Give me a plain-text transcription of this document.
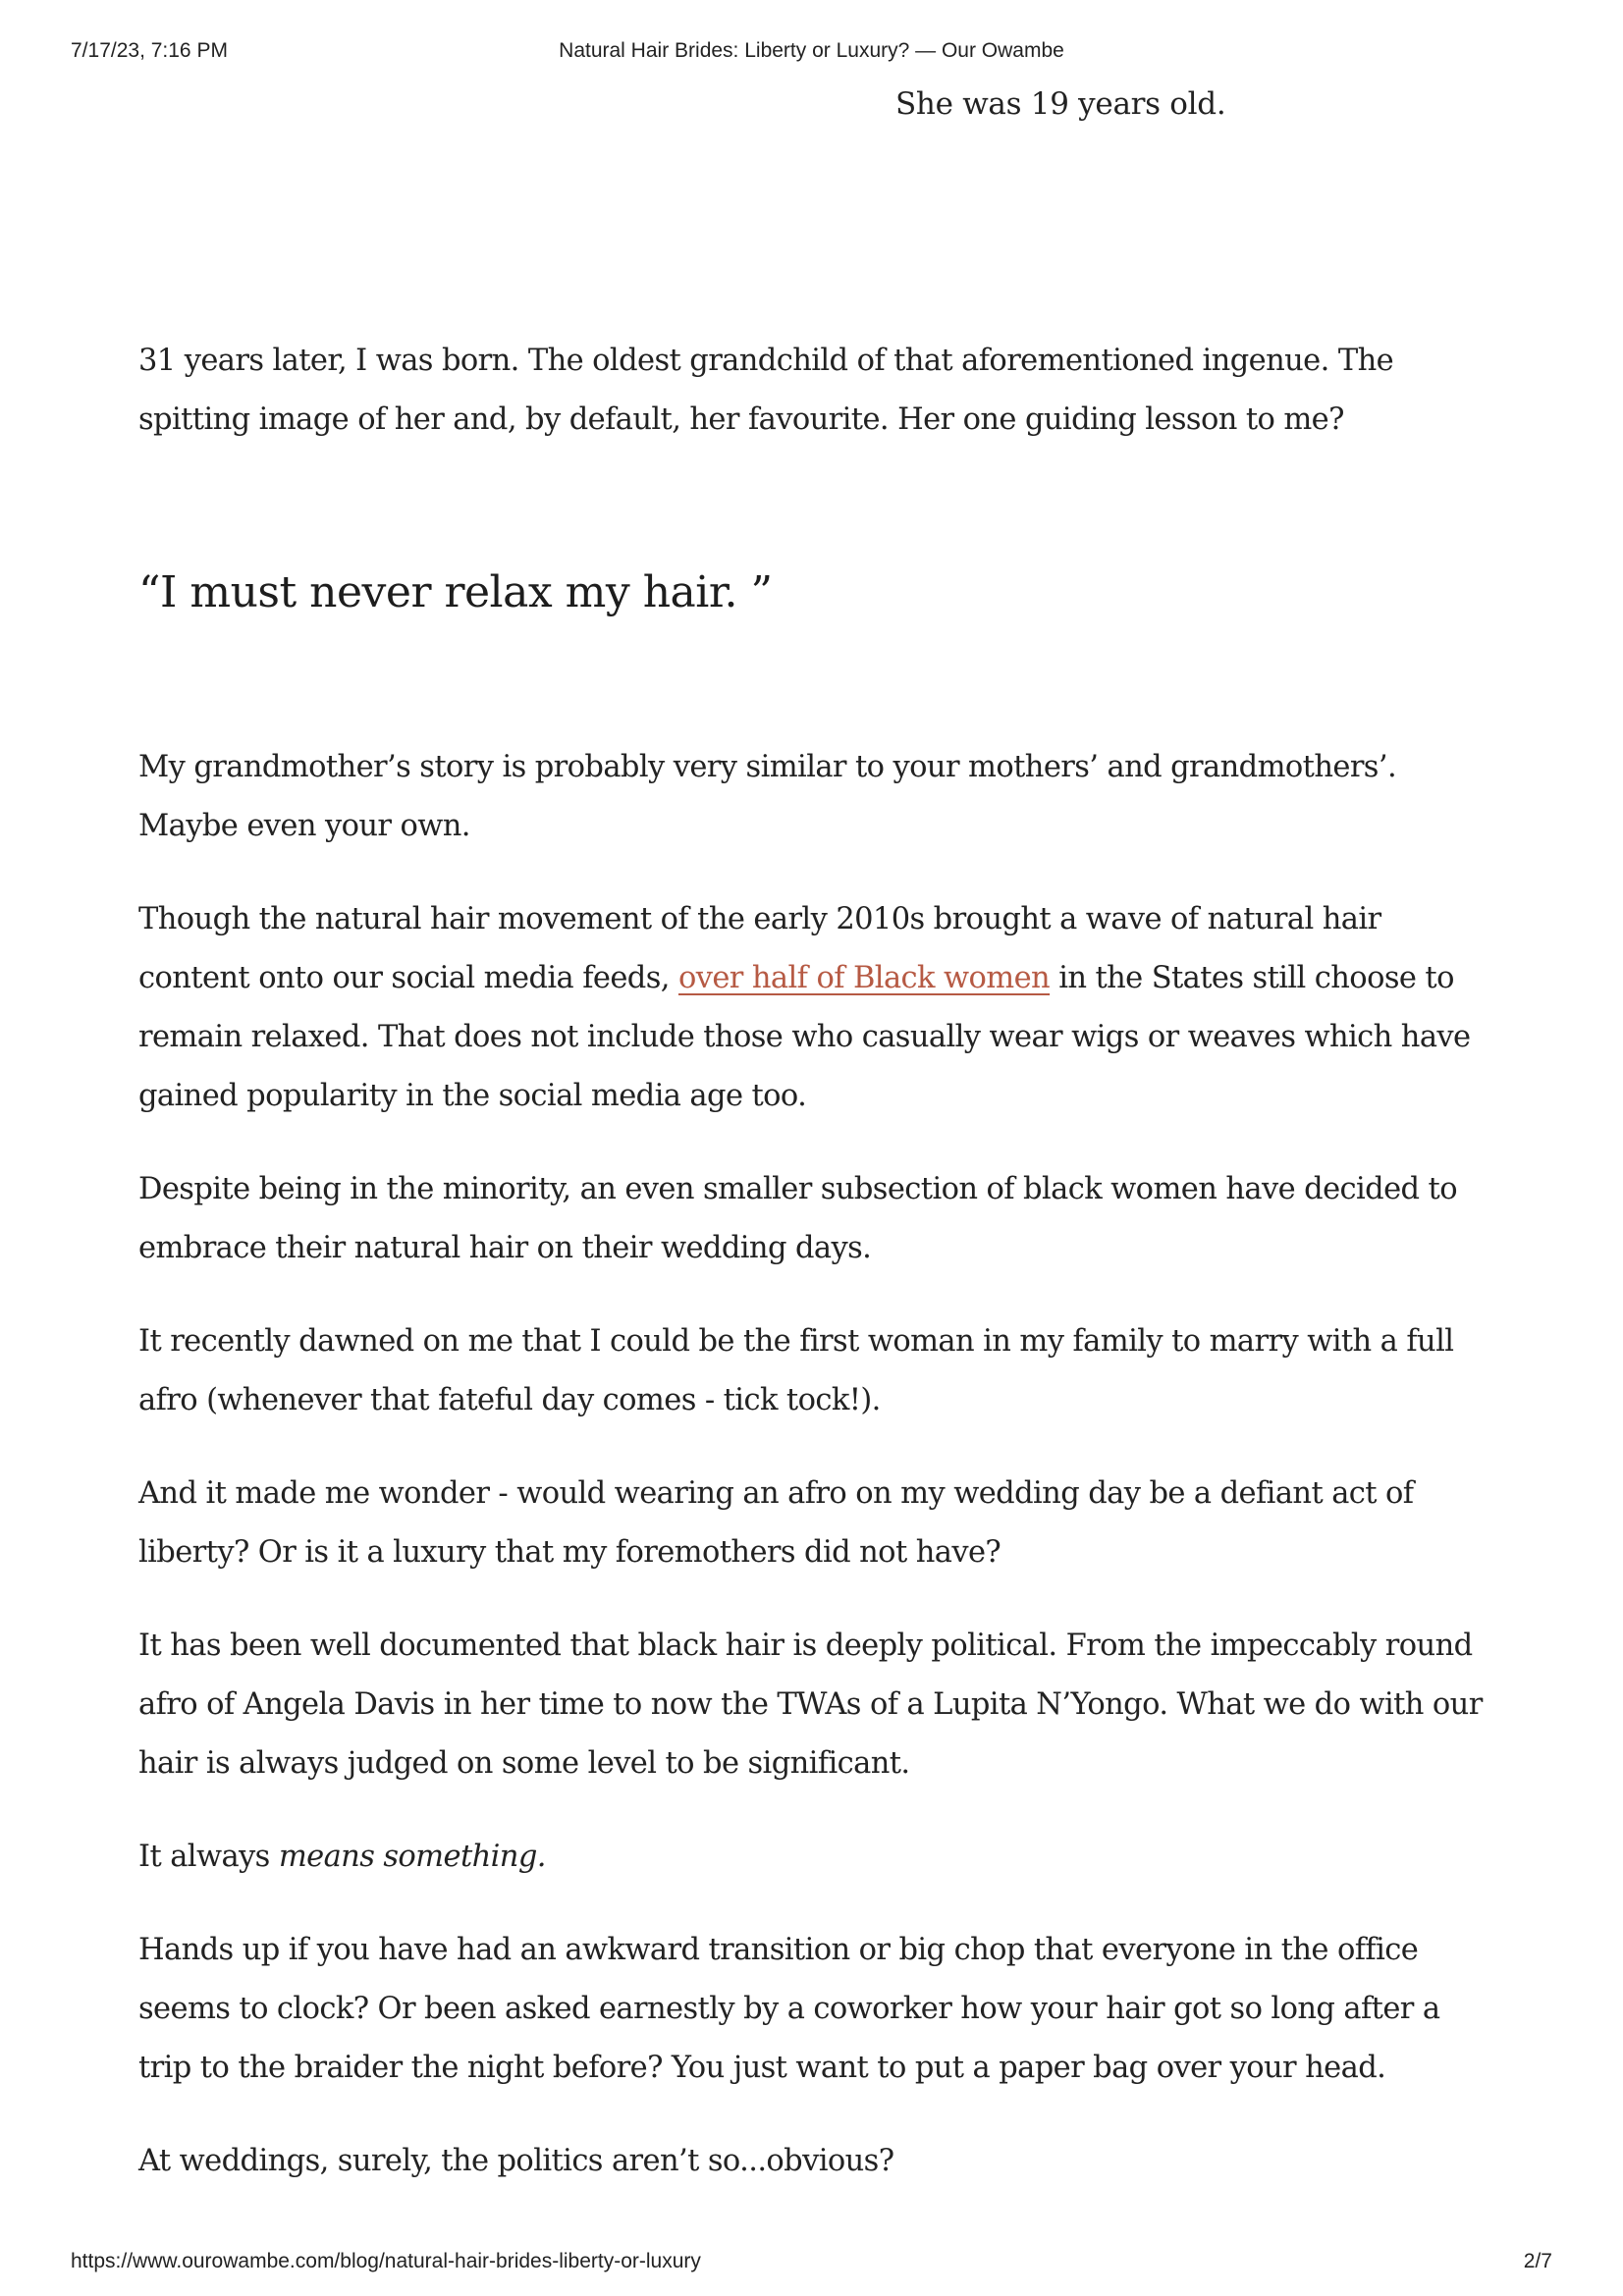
7/17/23, 7:16 PM	Natural Hair Brides: Liberty or Luxury? — Our Owambe
She was 19 years old.

31 years later, I was born. The oldest grandchild of that aforementioned ingenue. The spitting image of her and, by default, her favourite. Her one guiding lesson to me?

“I must never relax my hair. ”

My grandmother’s story is probably very similar to your mothers’ and grandmothers’. Maybe even your own.

Though the natural hair movement of the early 2010s brought a wave of natural hair content onto our social media feeds, over half of Black women in the States still choose to remain relaxed. That does not include those who casually wear wigs or weaves which have gained popularity in the social media age too.

Despite being in the minority, an even smaller subsection of black women have decided to embrace their natural hair on their wedding days.

It recently dawned on me that I could be the first woman in my family to marry with a full afro (whenever that fateful day comes - tick tock!).

And it made me wonder - would wearing an afro on my wedding day be a defiant act of liberty? Or is it a luxury that my foremothers did not have?

It has been well documented that black hair is deeply political. From the impeccably round afro of Angela Davis in her time to now the TWAs of a Lupita N’Yongo. What we do with our hair is always judged on some level to be significant.

It always means something.

Hands up if you have had an awkward transition or big chop that everyone in the office seems to clock? Or been asked earnestly by a coworker how your hair got so long after a trip to the braider the night before? You just want to put a paper bag over your head.

At weddings, surely, the politics aren’t so...obvious?

https://www.ourowambe.com/blog/natural-hair-brides-liberty-or-luxury	2/7
